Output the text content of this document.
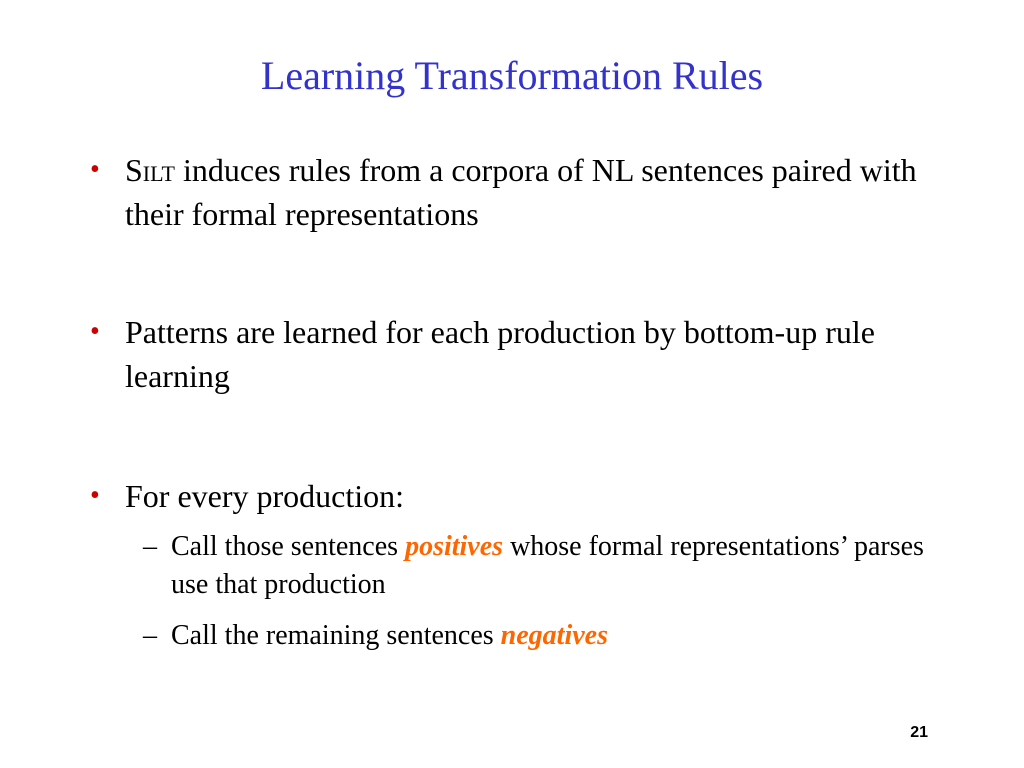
Learning Transformation Rules
• Silt induces rules from a corpora of NL sentences paired with their formal representations
• Patterns are learned for each production by bottom-up rule learning
• For every production:
– Call those sentences positives whose formal representations’ parses use that production
– Call the remaining sentences negatives
21
